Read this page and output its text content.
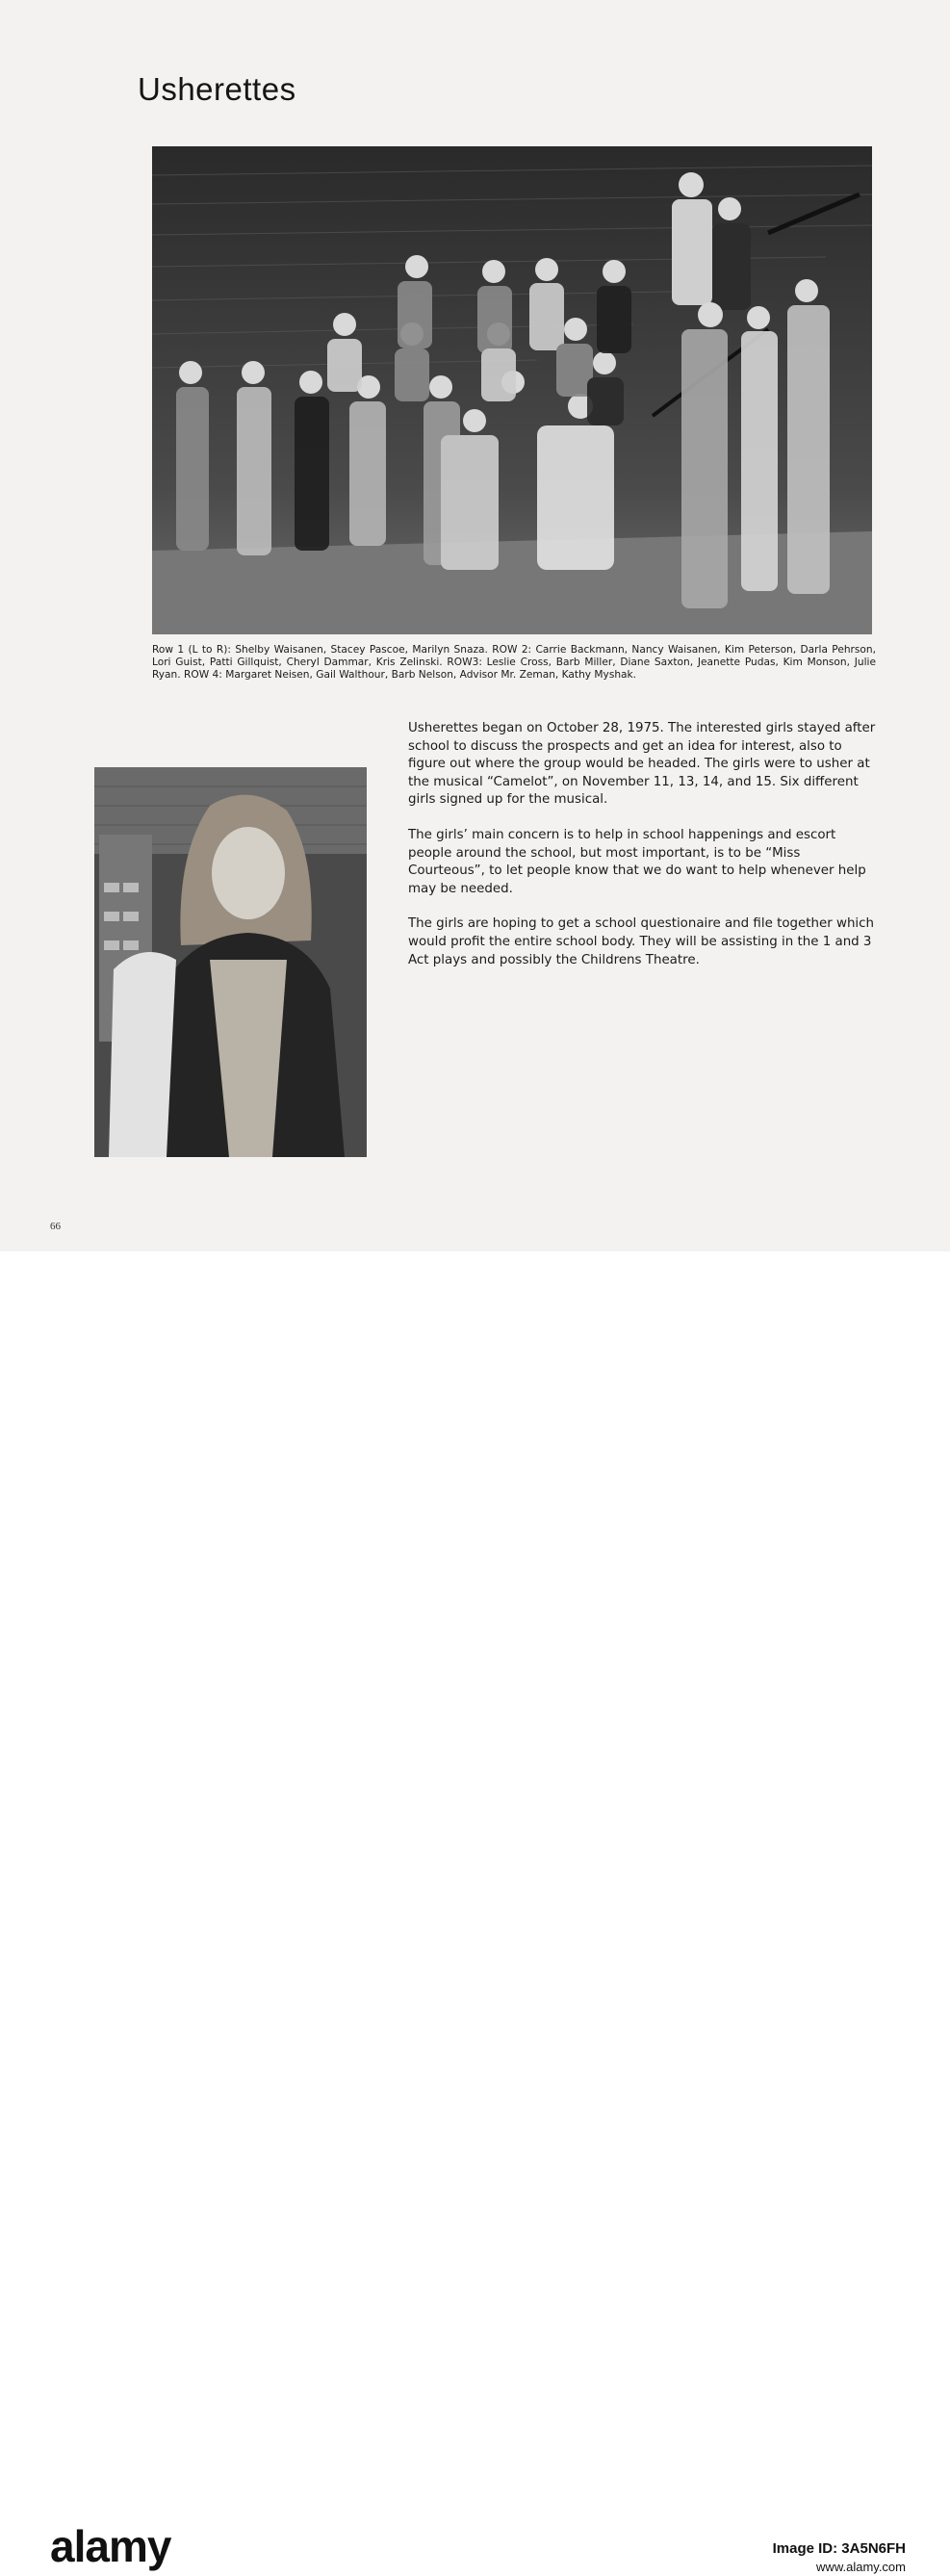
Usherettes

Row 1 (L to R): Shelby Waisanen, Stacey Pascoe, Marilyn Snaza. ROW 2: Carrie Backmann, Nancy Waisanen, Kim Peterson, Darla Pehrson, Lori Guist, Patti Gillquist, Cheryl Dammar, Kris Zelinski. ROW3: Leslie Cross, Barb Miller, Diane Saxton, Jeanette Pudas, Kim Monson, Julie Ryan. ROW 4: Margaret Neisen, Gail Walthour, Barb Nelson, Advisor Mr. Zeman, Kathy Myshak.

Usherettes began on October 28, 1975. The interested girls stayed after school to discuss the prospects and get an idea for interest, also to figure out where the group would be headed. The girls were to usher at the musical “Camelot”, on November 11, 13, 14, and 15. Six different girls signed up for the musical.

The girls’ main concern is to help in school happenings and escort people around the school, but most important, is to be “Miss Courteous”, to let people know that we do want to help whenever help may be needed.

The girls are hoping to get a school questionaire and file together which would profit the entire school body. They will be assisting in the 1 and 3 Act plays and possibly the Childrens Theatre.

66
alamy	Image ID: 3A5N6FH
www.alamy.com
